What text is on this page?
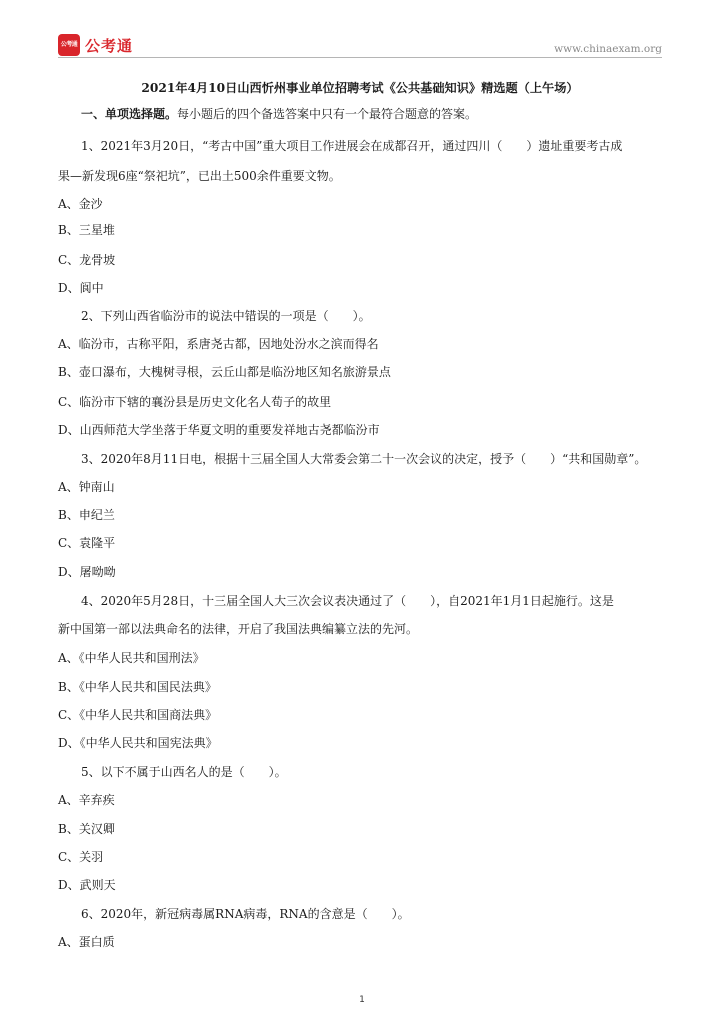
公考通 公考通	www.chinaexam.org
2021年4月10日山西忻州事业单位招聘考试《公共基础知识》精选题（上午场）
一、单项选择题。每小题后的四个备选答案中只有一个最符合题意的答案。
1、2021年3月20日，“考古中国”重大项目工作进展会在成都召开，通过四川（　　）遗址重要考古成
果—新发现6座“祭祀坑”，已出土500余件重要文物。
A、金沙
B、三星堆
C、龙骨坡
D、阆中
2、下列山西省临汾市的说法中错误的一项是（　　）。
A、临汾市，古称平阳，系唐尧古都，因地处汾水之滨而得名
B、壶口瀑布，大槐树寻根，云丘山都是临汾地区知名旅游景点
C、临汾市下辖的襄汾县是历史文化名人荀子的故里
D、山西师范大学坐落于华夏文明的重要发祥地古尧都临汾市
3、2020年8月11日电，根据十三届全国人大常委会第二十一次会议的决定，授予（　　）“共和国勋章”。
A、钟南山
B、申纪兰
C、袁隆平
D、屠呦呦
4、2020年5月28日，十三届全国人大三次会议表决通过了（　　），自2021年1月1日起施行。这是
新中国第一部以法典命名的法律，开启了我国法典编纂立法的先河。
A、《中华人民共和国刑法》
B、《中华人民共和国民法典》
C、《中华人民共和国商法典》
D、《中华人民共和国宪法典》
5、以下不属于山西名人的是（　　）。
A、辛弃疾
B、关汉卿
C、关羽
D、武则天
6、2020年，新冠病毒属RNA病毒，RNA的含意是（　　）。
A、蛋白质
1
